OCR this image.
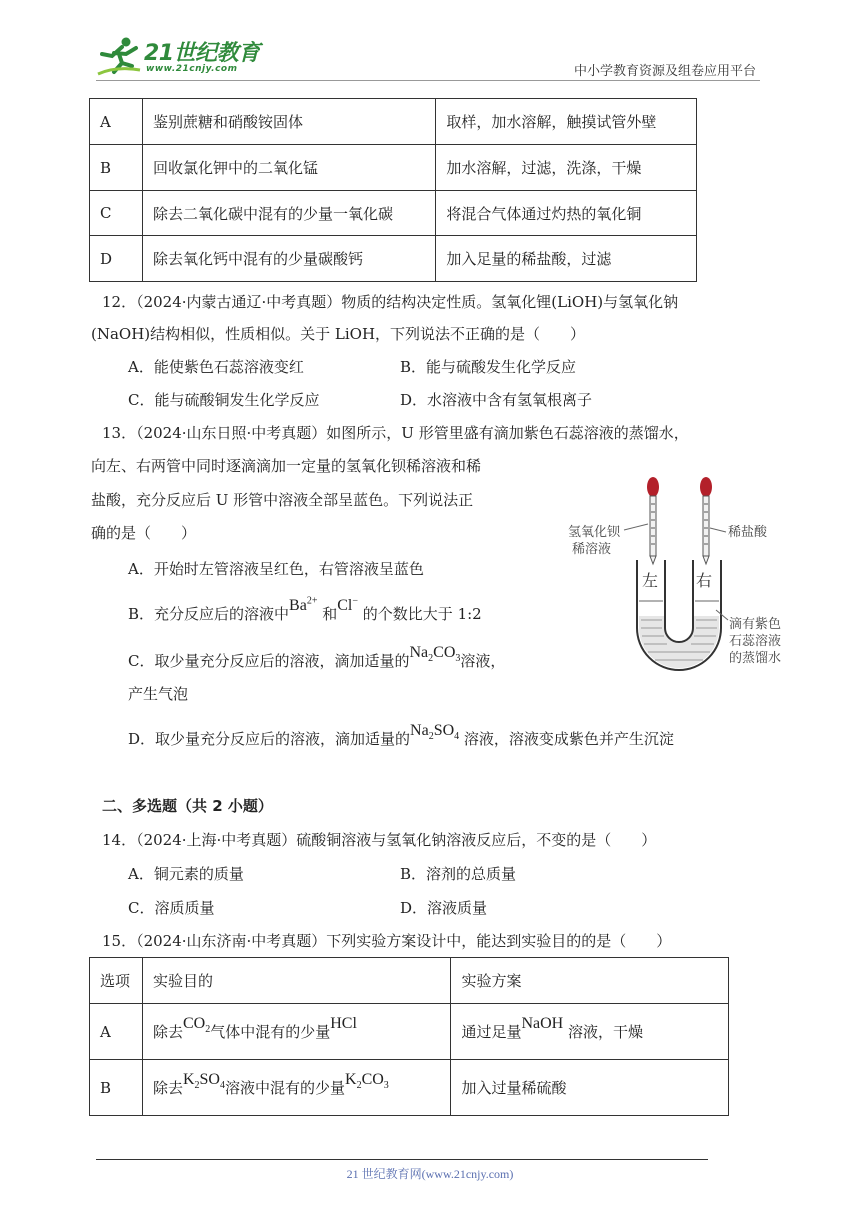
21世纪教育
www.21cnjy.com	中小学教育资源及组卷应用平台
A	鉴别蔗糖和硝酸铵固体	取样，加水溶解，触摸试管外壁
B	回收氯化钾中的二氧化锰	加水溶解，过滤，洗涤，干燥
C	除去二氧化碳中混有的少量一氧化碳	将混合气体通过灼热的氧化铜
D	除去氧化钙中混有的少量碳酸钙	加入足量的稀盐酸，过滤
12．（2024·内蒙古通辽·中考真题）物质的结构决定性质。氢氧化锂(LiOH)与氢氧化钠
(NaOH)结构相似，性质相似。关于 LiOH，下列说法不正确的是（　　）
A．能使紫色石蕊溶液变红	B．能与硫酸发生化学反应
C．能与硫酸铜发生化学反应	D．水溶液中含有氢氧根离子
13．（2024·山东日照·中考真题）如图所示，U 形管里盛有滴加紫色石蕊溶液的蒸馏水，
向左、右两管中同时逐滴滴加一定量的氢氧化钡稀溶液和稀
盐酸，充分反应后 U 形管中溶液全部呈蓝色。下列说法正
确的是（　　）
A．开始时左管溶液呈红色，右管溶液呈蓝色
B．充分反应后的溶液中$Ba^{2+}$ 和Cl− 的个数比大于 1:2
C．取少量充分反应后的溶液，滴加适量的$Na_2CO_3$溶液，
产生气泡
D．取少量充分反应后的溶液，滴加适量的$Na_2SO_4$ 溶液，溶液变成紫色并产生沉淀
左 右
氢氧化钡
稀溶液
稀盐酸
滴有紫色
石蕊溶液
的蒸馏水
二、多选题（共 2 小题）
14．（2024·上海·中考真题）硫酸铜溶液与氢氧化钠溶液反应后，不变的是（　　）
A．铜元素的质量	B．溶剂的总质量
C．溶质质量	D．溶液质量
15．（2024·山东济南·中考真题）下列实验方案设计中，能达到实验目的的是（　　）
选项	实验目的	实验方案
A	除去$CO_2$气体中混有的少量HCl	通过足量NaOH 溶液，干燥
B	除去$K_2SO_4$溶液中混有的少量$K_2CO_3$	加入过量稀硫酸
21 世纪教育网(www.21cnjy.com)
